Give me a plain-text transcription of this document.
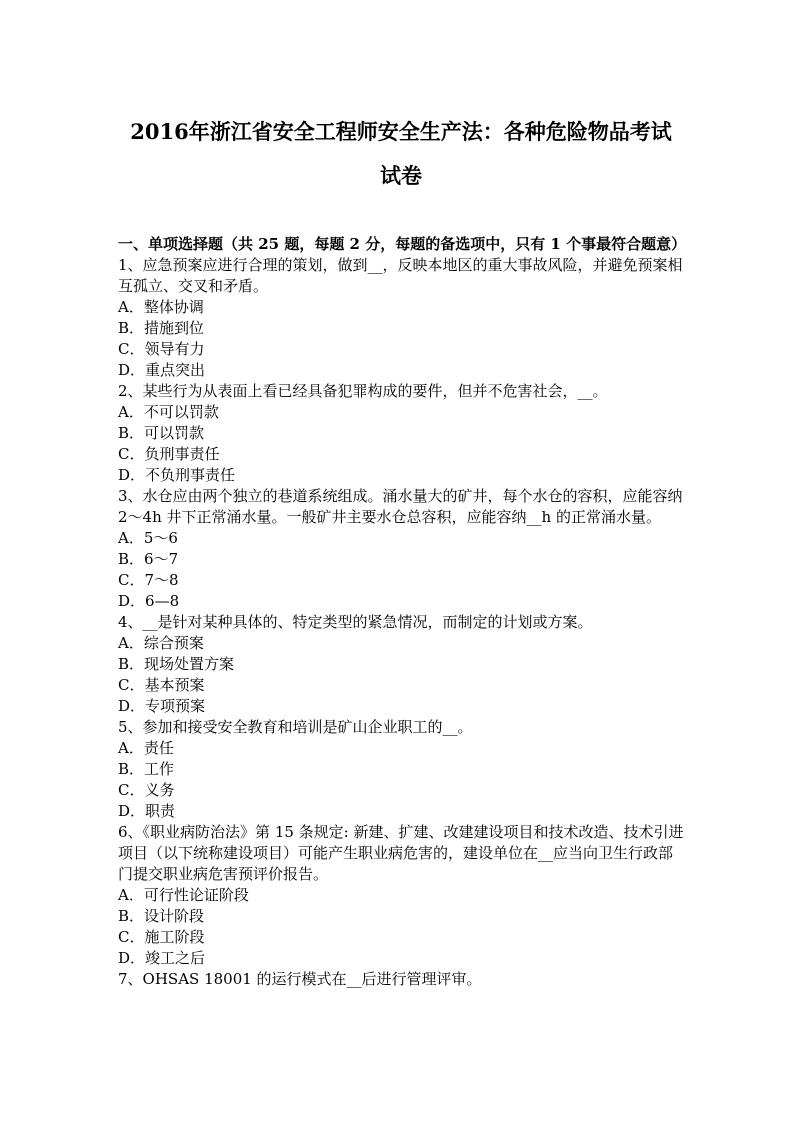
2016年浙江省安全工程师安全生产法：各种危险物品考试
试卷
一、单项选择题（共 25 题，每题 2 分，每题的备选项中，只有 1 个事最符合题意）
1、应急预案应进行合理的策划，做到__，反映本地区的重大事故风险，并避免预案相互孤立、交叉和矛盾。
A．整体协调
B．措施到位
C．领导有力
D．重点突出
2、某些行为从表面上看已经具备犯罪构成的要件，但并不危害社会，__。
A．不可以罚款
B．可以罚款
C．负刑事责任
D．不负刑事责任
3、水仓应由两个独立的巷道系统组成。涌水量大的矿井，每个水仓的容积，应能容纳 2～4h 井下正常涌水量。一般矿井主要水仓总容积，应能容纳__h 的正常涌水量。
A．5～6
B．6～7
C．7～8
D．6—8
4、__是针对某种具体的、特定类型的紧急情况，而制定的计划或方案。
A．综合预案
B．现场处置方案
C．基本预案
D．专项预案
5、参加和接受安全教育和培训是矿山企业职工的__。
A．责任
B．工作
C．义务
D．职责
6、《职业病防治法》第 15 条规定: 新建、扩建、改建建设项目和技术改造、技术引进项目（以下统称建设项目）可能产生职业病危害的，建设单位在__应当向卫生行政部门提交职业病危害预评价报告。
A．可行性论证阶段
B．设计阶段
C．施工阶段
D．竣工之后
7、OHSAS 18001 的运行模式在__后进行管理评审。
